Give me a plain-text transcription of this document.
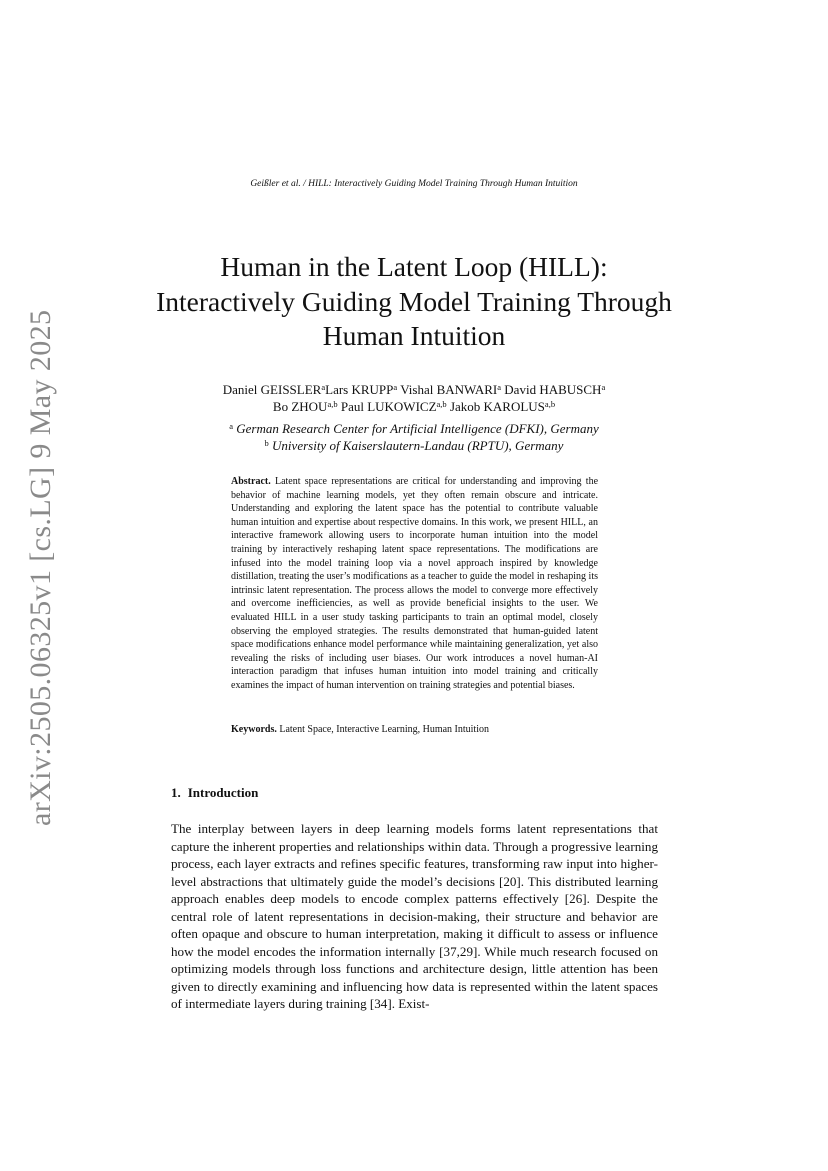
arXiv:2505.06325v1 [cs.LG] 9 May 2025
Geißler et al. / HILL: Interactively Guiding Model Training Through Human Intuition
Human in the Latent Loop (HILL): Interactively Guiding Model Training Through Human Intuition
Daniel GEISSLER$^a$Lars KRUPP$^a$ Vishal BANWARI$^a$ David HABUSCH$^a$
Bo ZHOU$^{a,b}$ Paul LUKOWICZ$^{a,b}$ Jakob KAROLUS$^{a,b}$
$^a$ German Research Center for Artificial Intelligence (DFKI), Germany
$^b$ University of Kaiserslautern-Landau (RPTU), Germany
Abstract. Latent space representations are critical for understanding and improving the behavior of machine learning models, yet they often remain obscure and intricate. Understanding and exploring the latent space has the potential to contribute valuable human intuition and expertise about respective domains. In this work, we present HILL, an interactive framework allowing users to incorporate human intuition into the model training by interactively reshaping latent space representations. The modifications are infused into the model training loop via a novel approach inspired by knowledge distillation, treating the user’s modifications as a teacher to guide the model in reshaping its intrinsic latent representation. The process allows the model to converge more effectively and overcome inefficiencies, as well as provide beneficial insights to the user. We evaluated HILL in a user study tasking participants to train an optimal model, closely observing the employed strategies. The results demonstrated that human-guided latent space modifications enhance model performance while maintaining generalization, yet also revealing the risks of including user biases. Our work introduces a novel human-AI interaction paradigm that infuses human intuition into model training and critically examines the impact of human intervention on training strategies and potential biases.
Keywords. Latent Space, Interactive Learning, Human Intuition
1. Introduction

The interplay between layers in deep learning models forms latent representations that capture the inherent properties and relationships within data. Through a progressive learning process, each layer extracts and refines specific features, transforming raw input into higher-level abstractions that ultimately guide the model’s decisions [20]. This distributed learning approach enables deep models to encode complex patterns effectively [26]. Despite the central role of latent representations in decision-making, their structure and behavior are often opaque and obscure to human interpretation, making it difficult to assess or influence how the model encodes the information internally [37,29]. While much research focused on optimizing models through loss functions and architecture design, little attention has been given to directly examining and influencing how data is represented within the latent spaces of intermediate layers during training [34]. Exist-
